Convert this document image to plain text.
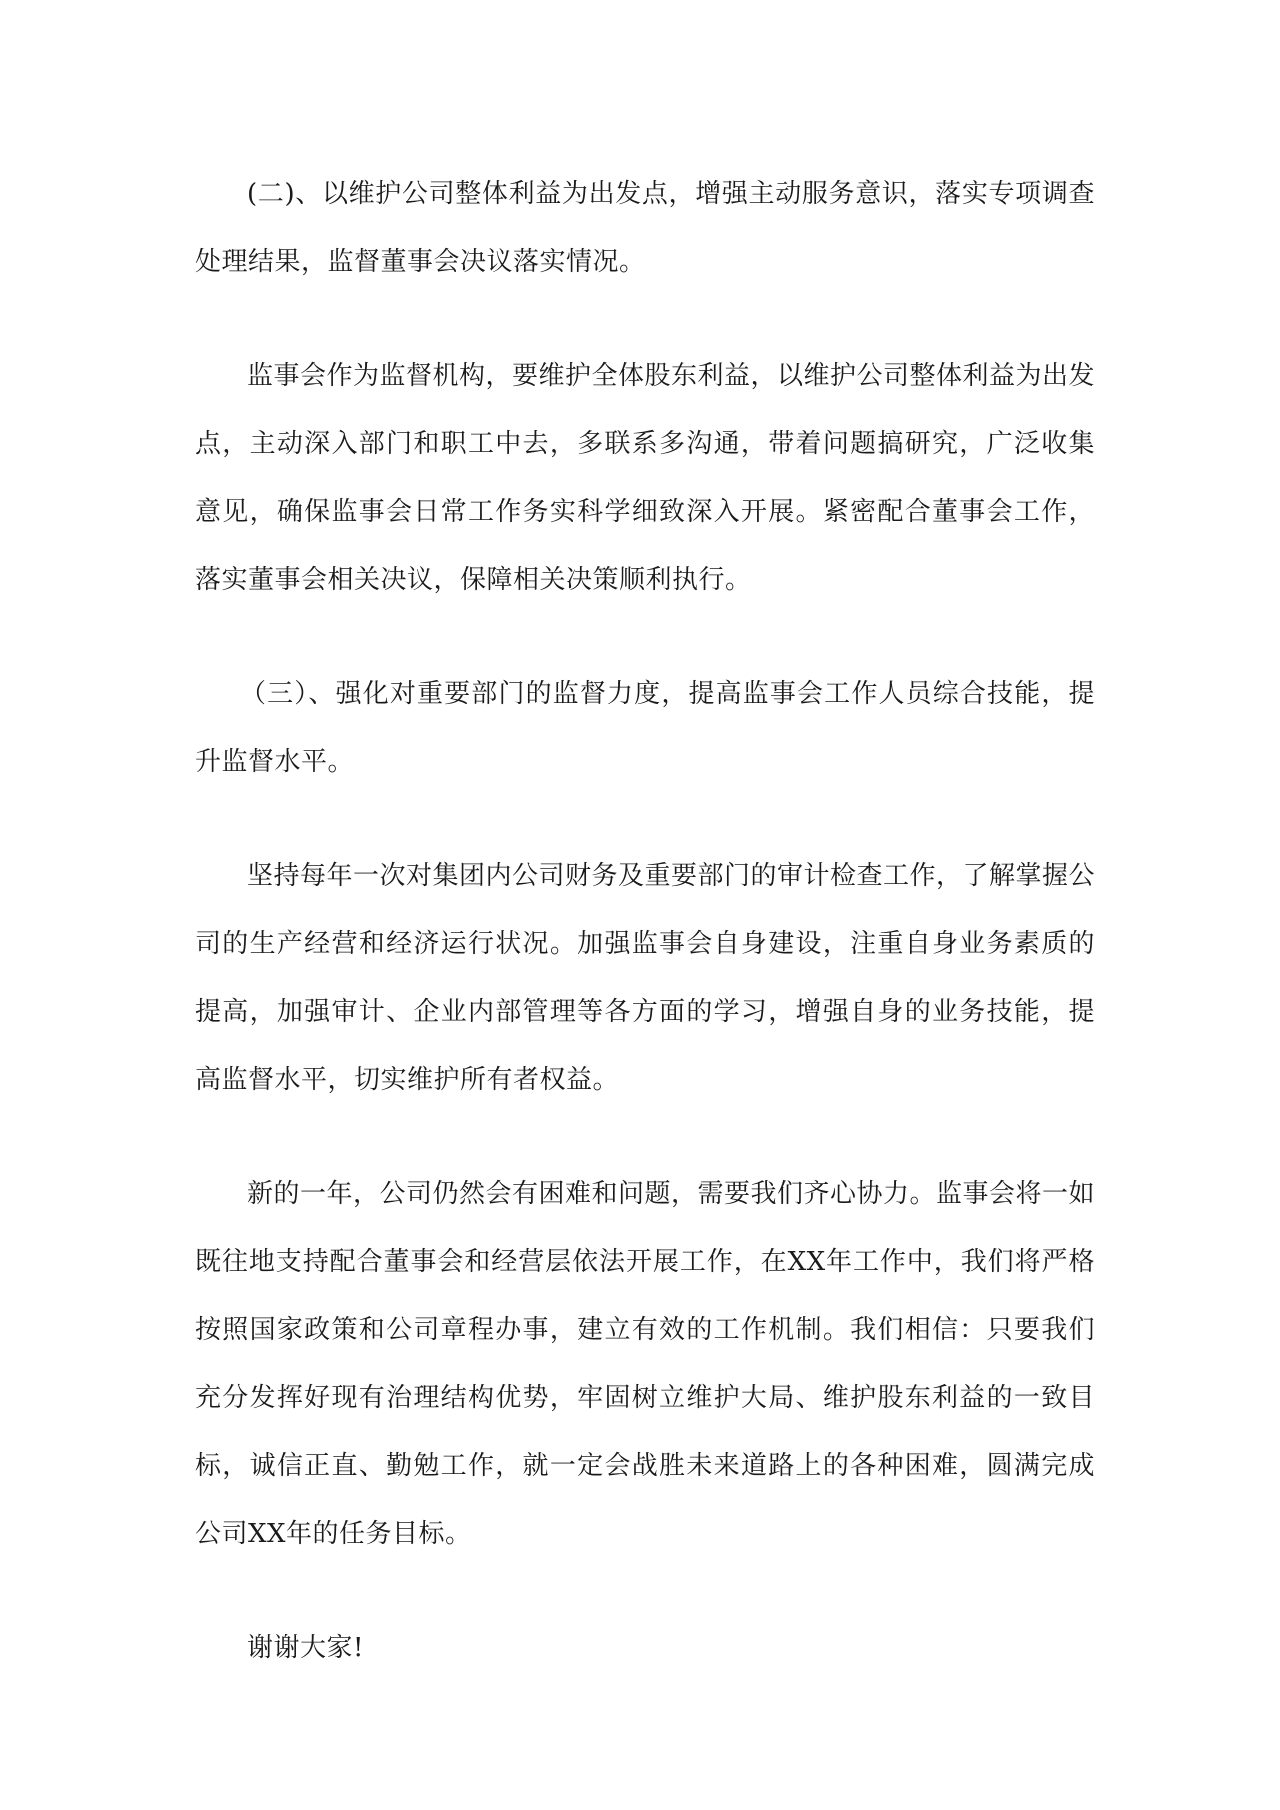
(二)、以维护公司整体利益为出发点，增强主动服务意识，落实专项调查处理结果，监督董事会决议落实情况。

监事会作为监督机构，要维护全体股东利益，以维护公司整体利益为出发点，主动深入部门和职工中去，多联系多沟通，带着问题搞研究，广泛收集意见，确保监事会日常工作务实科学细致深入开展。紧密配合董事会工作，落实董事会相关决议，保障相关决策顺利执行。

（三）、强化对重要部门的监督力度，提高监事会工作人员综合技能，提升监督水平。

坚持每年一次对集团内公司财务及重要部门的审计检查工作，了解掌握公司的生产经营和经济运行状况。加强监事会自身建设，注重自身业务素质的提高，加强审计、企业内部管理等各方面的学习，增强自身的业务技能，提高监督水平，切实维护所有者权益。

新的一年，公司仍然会有困难和问题，需要我们齐心协力。监事会将一如既往地支持配合董事会和经营层依法开展工作，在XX年工作中，我们将严格按照国家政策和公司章程办事，建立有效的工作机制。我们相信：只要我们充分发挥好现有治理结构优势，牢固树立维护大局、维护股东利益的一致目标，诚信正直、勤勉工作，就一定会战胜未来道路上的各种困难，圆满完成公司XX年的任务目标。

谢谢大家!
